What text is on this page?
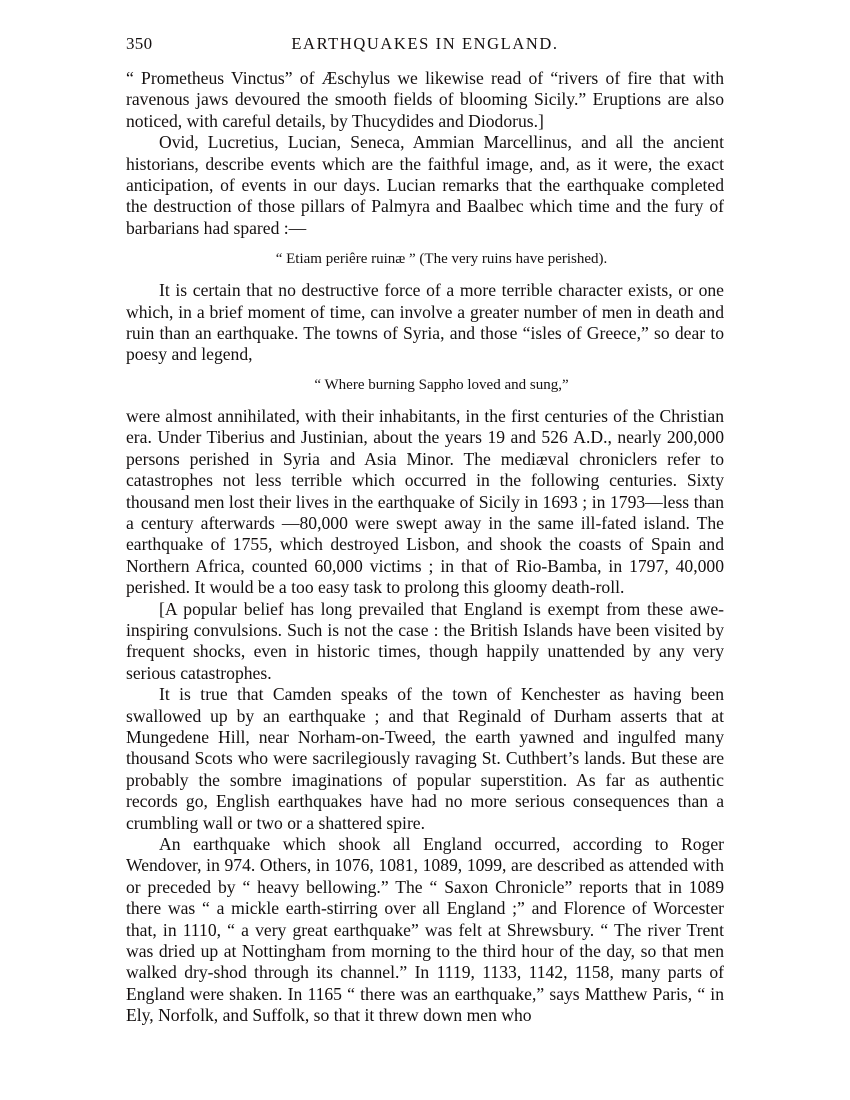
350	EARTHQUAKES IN ENGLAND.

“ Prometheus Vinctus” of Æschylus we likewise read of “rivers of fire that with ravenous jaws devoured the smooth fields of blooming Sicily.” Eruptions are also noticed, with careful details, by Thucydides and Diodorus.]

Ovid, Lucretius, Lucian, Seneca, Ammian Marcellinus, and all the ancient historians, describe events which are the faithful image, and, as it were, the exact anticipation, of events in our days. Lucian remarks that the earthquake completed the destruction of those pillars of Palmyra and Baalbec which time and the fury of barbarians had spared :—

“ Etiam periêre ruinæ ” (The very ruins have perished).

It is certain that no destructive force of a more terrible character exists, or one which, in a brief moment of time, can involve a greater number of men in death and ruin than an earthquake. The towns of Syria, and those “isles of Greece,” so dear to poesy and legend,

“ Where burning Sappho loved and sung,”

were almost annihilated, with their inhabitants, in the first centuries of the Christian era. Under Tiberius and Justinian, about the years 19 and 526 A.D., nearly 200,000 persons perished in Syria and Asia Minor. The mediæval chroniclers refer to catastrophes not less terrible which occurred in the following centuries. Sixty thousand men lost their lives in the earthquake of Sicily in 1693 ; in 1793—less than a century afterwards —80,000 were swept away in the same ill-fated island. The earthquake of 1755, which destroyed Lisbon, and shook the coasts of Spain and Northern Africa, counted 60,000 victims ; in that of Rio-Bamba, in 1797, 40,000 perished. It would be a too easy task to prolong this gloomy death-roll.

[A popular belief has long prevailed that England is exempt from these awe-inspiring convulsions. Such is not the case : the British Islands have been visited by frequent shocks, even in historic times, though happily unattended by any very serious catastrophes.

It is true that Camden speaks of the town of Kenchester as having been swallowed up by an earthquake ; and that Reginald of Durham asserts that at Mungedene Hill, near Norham-on-Tweed, the earth yawned and ingulfed many thousand Scots who were sacrilegiously ravaging St. Cuthbert’s lands. But these are probably the sombre imaginations of popular superstition. As far as authentic records go, English earthquakes have had no more serious consequences than a crumbling wall or two or a shattered spire.

An earthquake which shook all England occurred, according to Roger Wendover, in 974. Others, in 1076, 1081, 1089, 1099, are described as attended with or preceded by “ heavy bellowing.” The “ Saxon Chronicle” reports that in 1089 there was “ a mickle earth-stirring over all England ;” and Florence of Worcester that, in 1110, “ a very great earthquake” was felt at Shrewsbury. “ The river Trent was dried up at Nottingham from morning to the third hour of the day, so that men walked dry-shod through its channel.” In 1119, 1133, 1142, 1158, many parts of England were shaken. In 1165 “ there was an earthquake,” says Matthew Paris, “ in Ely, Norfolk, and Suffolk, so that it threw down men who
